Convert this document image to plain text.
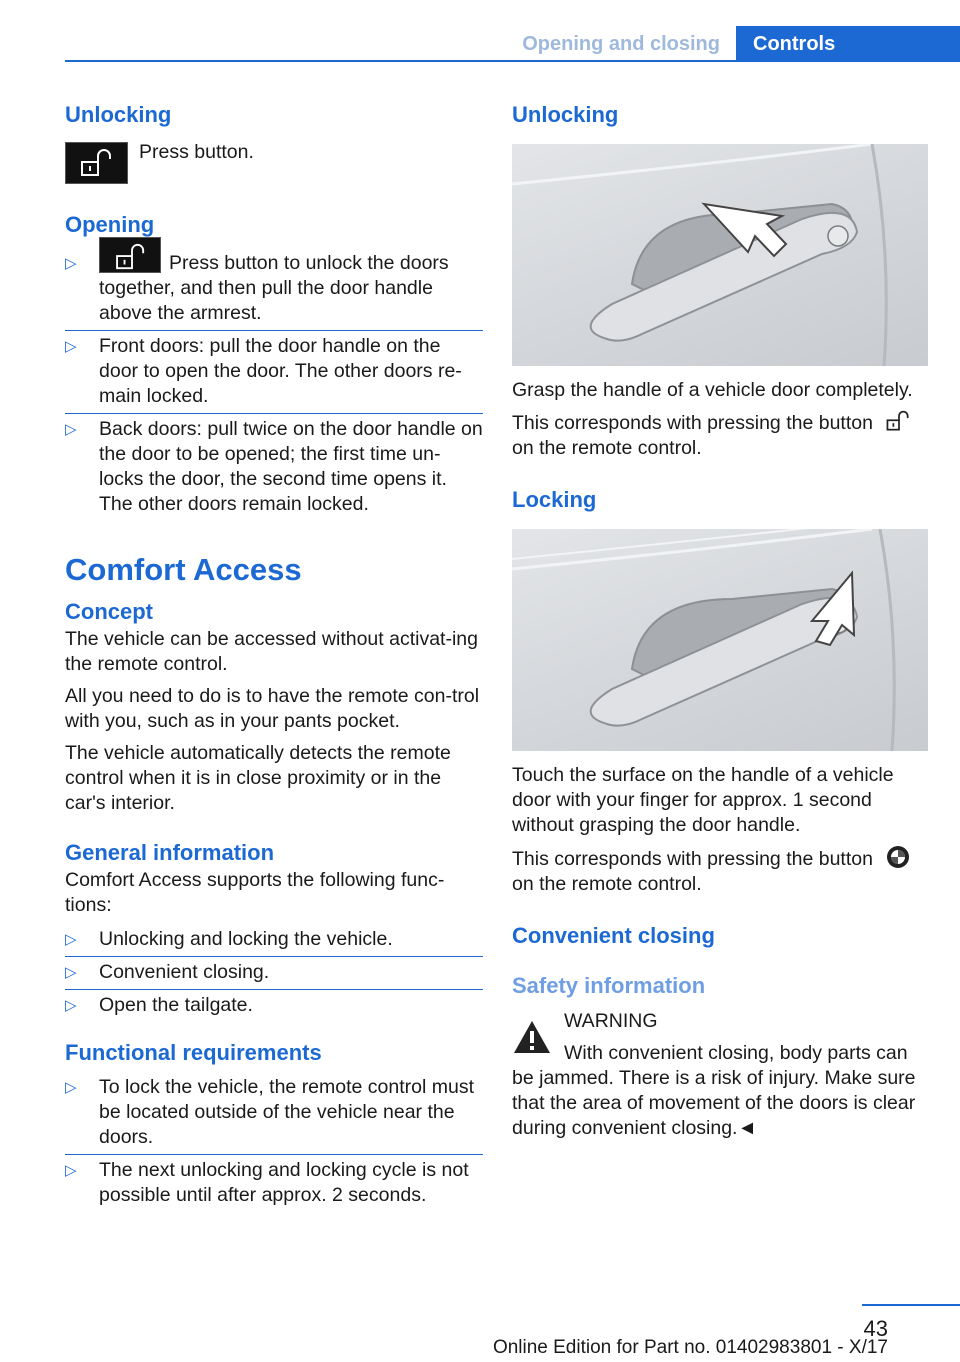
Opening and closing	Controls
Unlocking

Press button.

Opening
▷	Press button to unlock the doors together, and then pull the door handle above the armrest.
▷ Front doors: pull the door handle on the door to open the door. The other doors re-main locked.
▷ Back doors: pull twice on the door handle on the door to be opened; the first time un-locks the door, the second time opens it. The other doors remain locked.
Comfort Access
Concept

The vehicle can be accessed without activat-ing the remote control.

All you need to do is to have the remote con-trol with you, such as in your pants pocket.

The vehicle automatically detects the remote control when it is in close proximity or in the car's interior.

General information

Comfort Access supports the following func-tions:

▷ Unlocking and locking the vehicle.
▷ Convenient closing.
▷ Open the tailgate.
Functional requirements
▷ To lock the vehicle, the remote control must be located outside of the vehicle near the doors.
▷ The next unlocking and locking cycle is not possible until after approx. 2 seconds.
Unlocking

Grasp the handle of a vehicle door completely.

This corresponds with pressing the button
on the remote control.

Locking

Touch the surface on the handle of a vehicle door with your finger for approx. 1 second without grasping the door handle.

This corresponds with pressing the button
on the remote control.

Convenient closing
Safety information

WARNING

With convenient closing, body parts can

be jammed. There is a risk of injury. Make sure that the area of movement of the doors is clear during convenient closing.◄

43
Online Edition for Part no. 01402983801 - X/17
